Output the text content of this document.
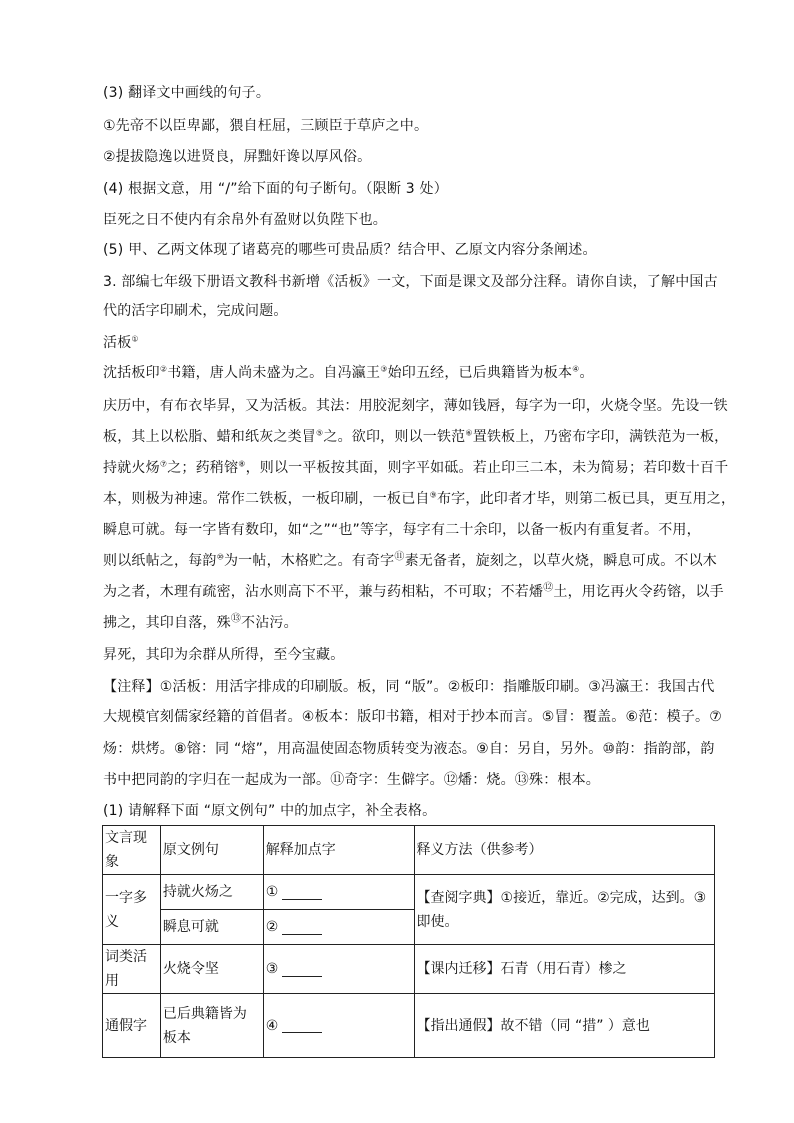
(3) 翻译文中画线的句子。
①先帝不以臣卑鄙，猥自枉屈，三顾臣于草庐之中。
②提拔隐逸以进贤良，屏黜奸谗以厚风俗。
(4) 根据文意，用 “/”给下面的句子断句。（限断 3 处）
臣死之日不使内有余帛外有盈财以负陛下也。
(5) 甲、乙两文体现了诸葛亮的哪些可贵品质？结合甲、乙原文内容分条阐述。
3. 部编七年级下册语文教科书新增《活板》一文，下面是课文及部分注释。请你自读，了解中国古
代的活字印刷术，完成问题。
活板①
沈括板印②书籍，唐人尚未盛为之。自冯瀛王③始印五经，已后典籍皆为板本④。
庆历中，有布衣毕昇，又为活板。其法：用胶泥刻字，薄如钱唇，每字为一印，火烧令坚。先设一铁
板，其上以松脂、蜡和纸灰之类冒⑤之。欲印，则以一铁范⑥置铁板上，乃密布字印，满铁范为一板，
持就火炀⑦之；药稍镕⑧，则以一平板按其面，则字平如砥。若止印三二本，未为简易；若印数十百千
本，则极为神速。常作二铁板，一板印刷，一板已自⑨布字，此印者才毕，则第二板已具，更互用之，
瞬息可就。每一字皆有数印，如“之”“也”等字，每字有二十余印，以备一板内有重复者。不用，
则以纸帖之，每韵⑩为一帖，木格贮之。有奇字⑪素无备者，旋刻之，以草火烧，瞬息可成。不以木
为之者，木理有疏密，沾水则高下不平，兼与药相粘，不可取；不若燔⑫土，用讫再火令药镕，以手
拂之，其印自落，殊⑬不沾污。
昇死，其印为余群从所得，至今宝藏。
【注释】①活板：用活字排成的印刷版。板，同 “版”。②板印：指雕版印刷。③冯瀛王：我国古代
大规模官刻儒家经籍的首倡者。④板本：版印书籍，相对于抄本而言。⑤冒：覆盖。⑥范：模子。⑦
炀：烘烤。⑧镕：同 “熔”，用高温使固态物质转变为液态。⑨自：另自，另外。⑩韵：指韵部，韵
书中把同韵的字归在一起成为一部。⑪奇字：生僻字。⑫燔：烧。⑬殊：根本。
(1) 请解释下面 “原文例句” 中的加点字，补全表格。
文言现象	原文例句	解释加点字	释义方法（供参考）
一字多义	持就火炀之	①	【查阅字典】①接近，靠近。②完成，达到。③即使。
	瞬息可就	②	
词类活用	火烧令坚	③	【课内迁移】石青（用石青）椮之
通假字	已后典籍皆为板本	④	【指出通假】故不错（同 “措” ）意也
